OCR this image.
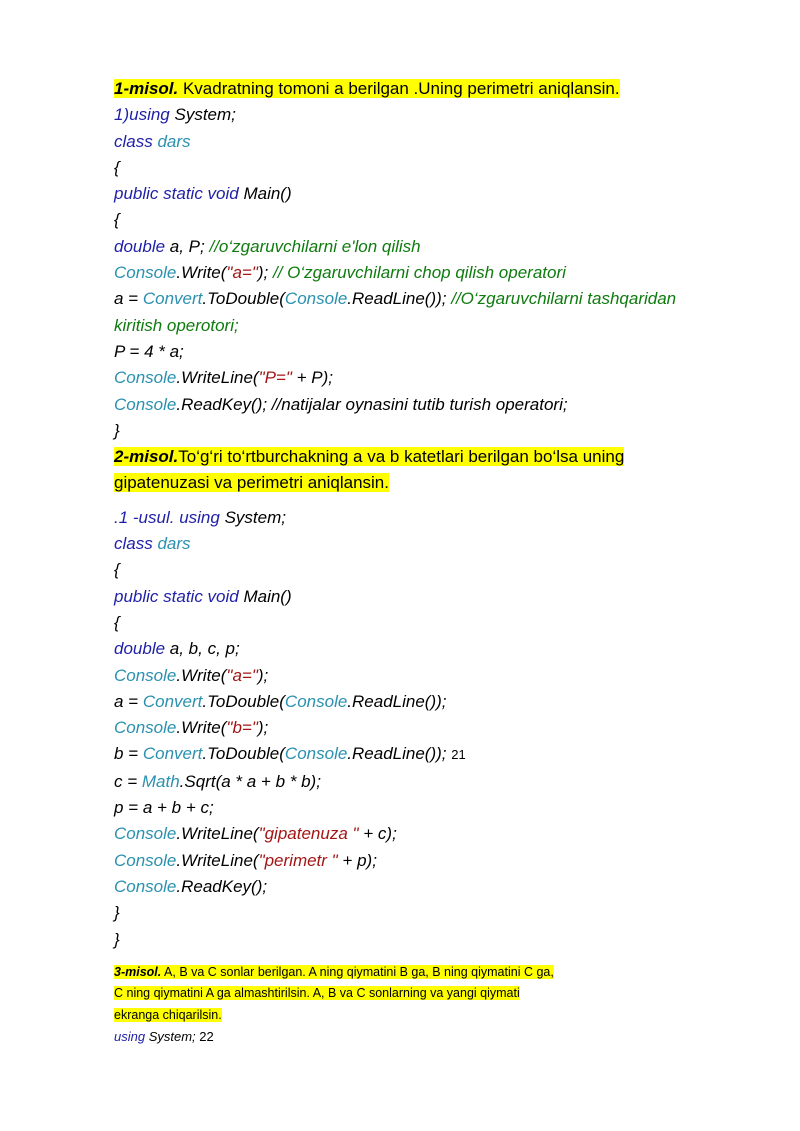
1-misol. Kvadratning tomoni a berilgan .Uning perimetri aniqlansin.
1)using System;
class dars
{
public static void Main()
{
double a, P; //o‘zgaruvchilarni e'lon qilish
Console.Write("a="); // O‘zgaruvchilarni chop qilish operatori
a = Convert.ToDouble(Console.ReadLine()); //O‘zgaruvchilarni tashqaridan
kiritish operotori;
P = 4 * a;
Console.WriteLine("P=" + P);
Console.ReadKey(); //natijalar oynasini tutib turish operatori;
}
2-misol.To‘g‘ri to‘rtburchakning a va b katetlari berilgan bo‘lsa uning
gipatenuzasi va perimetri aniqlansin.
.1 -usul. using System;
class dars
{
public static void Main()
{
double a, b, c, p;
Console.Write("a=");
a = Convert.ToDouble(Console.ReadLine());
Console.Write("b=");
b = Convert.ToDouble(Console.ReadLine()); 21
c = Math.Sqrt(a * a + b * b);
p = a + b + c;
Console.WriteLine("gipatenuza " + c);
Console.WriteLine("perimetr " + p);
Console.ReadKey();
}
}
3-misol. A, B va C sonlar berilgan. A ning qiymatini B ga, B ning qiymatini C ga,
C ning qiymatini A ga almashtirilsin. A, B va C sonlarning va yangi qiymati
ekranga chiqarilsin.
using System; 22
